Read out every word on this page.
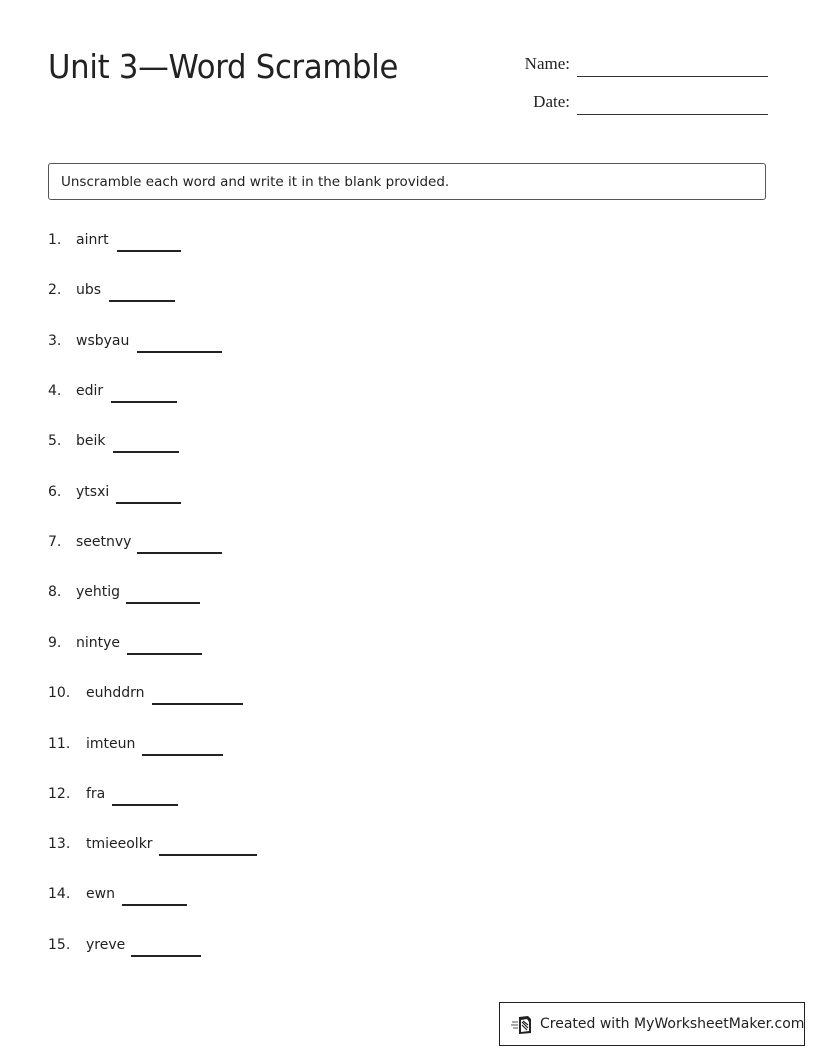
Unit 3—Word Scramble	Name:
Date:
Unscramble each word and write it in the blank provided.
1. ainrt
2. ubs
3. wsbyau
4. edir
5. beik
6. ytsxi
7. seetnvy
8. yehtig
9. nintye
10. euhddrn
11. imteun
12. fra
13. tmieeolkr
14. ewn
15. yreve
Created with MyWorksheetMaker.com
